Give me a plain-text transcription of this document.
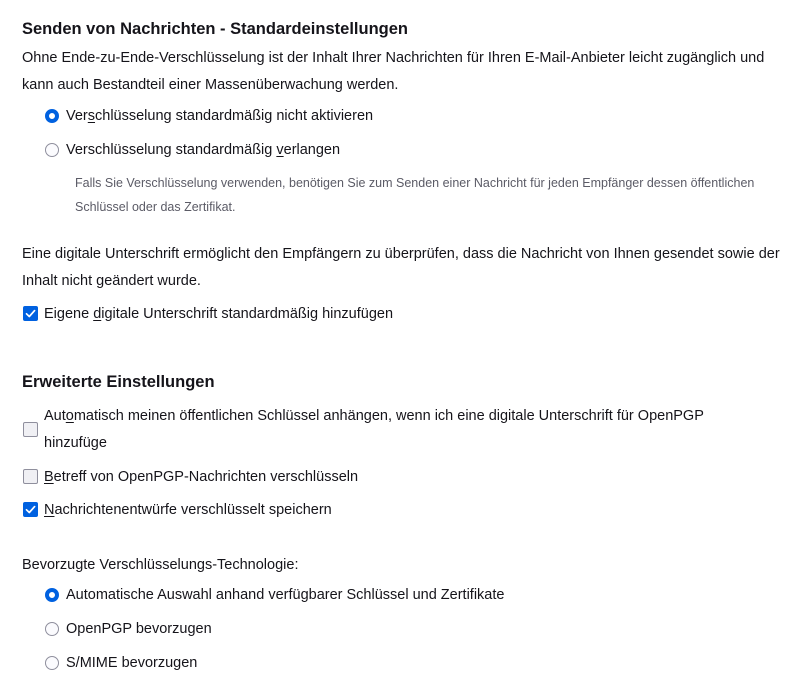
Senden von Nachrichten - Standardeinstellungen
Ohne Ende-zu-Ende-Verschlüsselung ist der Inhalt Ihrer Nachrichten für Ihren E-Mail-Anbieter leicht zugänglich und kann auch Bestandteil einer Massenüberwachung werden.
Verschlüsselung standardmäßig nicht aktivieren
Verschlüsselung standardmäßig verlangen
Falls Sie Verschlüsselung verwenden, benötigen Sie zum Senden einer Nachricht für jeden Empfänger dessen öffentlichen Schlüssel oder das Zertifikat.
Eine digitale Unterschrift ermöglicht den Empfängern zu überprüfen, dass die Nachricht von Ihnen gesendet sowie der Inhalt nicht geändert wurde.
Eigene digitale Unterschrift standardmäßig hinzufügen
Erweiterte Einstellungen
Automatisch meinen öffentlichen Schlüssel anhängen, wenn ich eine digitale Unterschrift für OpenPGP hinzufüge
Betreff von OpenPGP-Nachrichten verschlüsseln
Nachrichtenentwürfe verschlüsselt speichern
Bevorzugte Verschlüsselungs-Technologie:
Automatische Auswahl anhand verfügbarer Schlüssel und Zertifikate
OpenPGP bevorzugen
S/MIME bevorzugen
